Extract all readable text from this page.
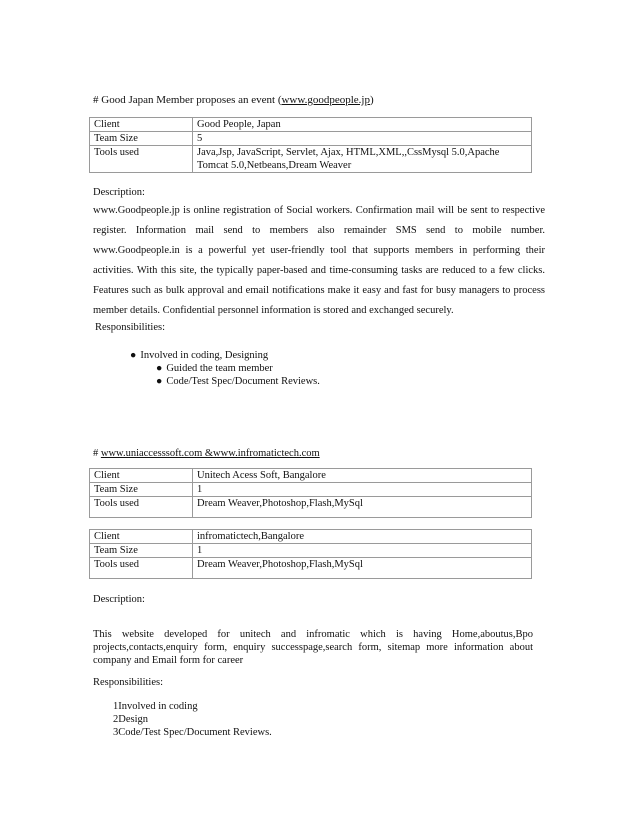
# Good Japan Member proposes an event (www.goodpeople.jp)
Client	Good People, Japan
Team Size	5
Tools used	Java,Jsp, JavaScript, Servlet, Ajax, HTML,XML,,CssMysql 5.0,Apache Tomcat 5.0,Netbeans,Dream Weaver
Description:
www.Goodpeople.jp is online registration of Social workers. Confirmation mail will be sent to respective register. Information mail send to members also remainder SMS send to mobile number. www.Goodpeople.in is a powerful yet user-friendly tool that supports members in performing their activities. With this site, the typically paper-based and time-consuming tasks are reduced to a few clicks. Features such as bulk approval and email notifications make it easy and fast for busy managers to process member details. Confidential personnel information is stored and exchanged securely.
Responsibilities:
● Involved in coding, Designing
● Guided the team member
● Code/Test Spec/Document Reviews.
# www.uniaccesssoft.com &www.infromatictech.com
Client	Unitech Acess Soft, Bangalore
Team Size	1
Tools used	Dream Weaver,Photoshop,Flash,MySql
Client	infromatictech,Bangalore
Team Size	1
Tools used	Dream Weaver,Photoshop,Flash,MySql
Description:
This website developed for unitech and infromatic which is having Home,aboutus,Bpo projects,contacts,enquiry form, enquiry successpage,search form, sitemap more information about company and Email form for career
Responsibilities:
1Involved in coding
2Design
3Code/Test Spec/Document Reviews.
